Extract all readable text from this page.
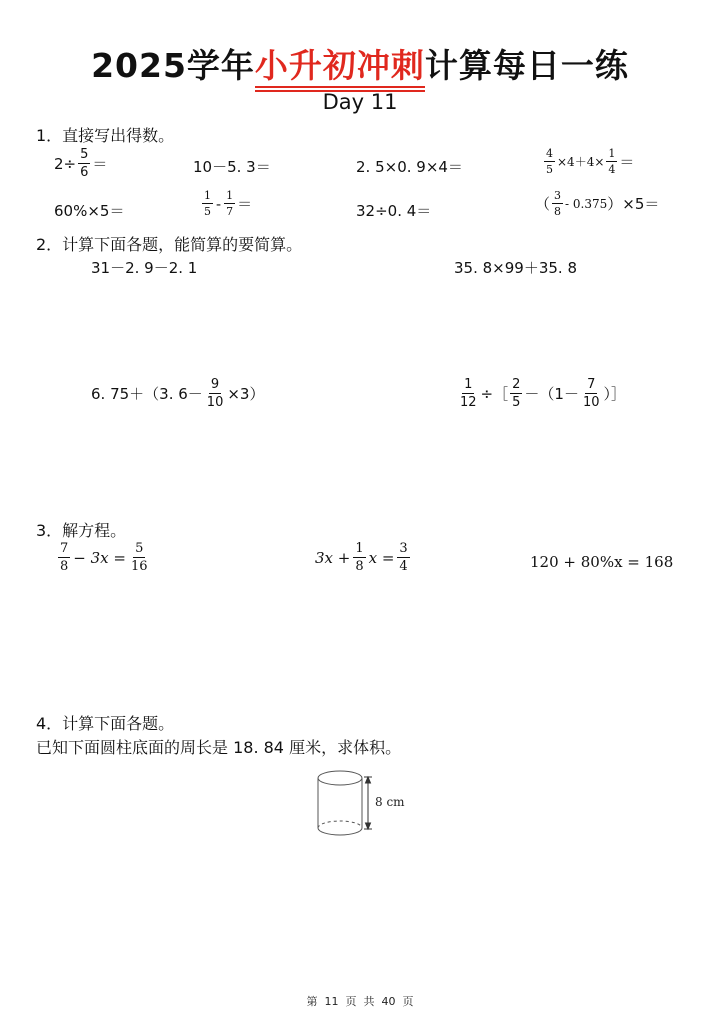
2025学年小升初冲刺
计算每日一练
Day 11
1．直接写出得数。
$2\div \frac{5}{6}$ ＝	10－5. 3＝	2. 5×0. 9×4＝	$\frac{4}{5} \times 4+4\times \frac{1}{4}$ ＝
60%×5＝	$\frac{1}{5} - \frac{1}{7}$ ＝	32÷0. 4＝	（ $\frac{3}{8} - 0.375$ ）×5＝
2．计算下面各题，能简算的要简算。
31－2. 9－2. 1	35. 8×99＋35. 8
6. 75＋（3. $6- \frac{9}{10} \times 3$）	$\frac{1}{12}$ ÷［ $\frac{2}{5} -(1- \frac{7}{10}$ ）］
3．解方程。
$\frac{7}{8} - 3x = \frac{5}{16}$	$3x + \frac{1}{8}$ $x = \frac{3}{4}$	120 + 80%x = 168
4．计算下面各题。
已知下面圆柱底面的周长是 18. 84 厘米，求体积。
8 cm
第  11  页  共  40  页
